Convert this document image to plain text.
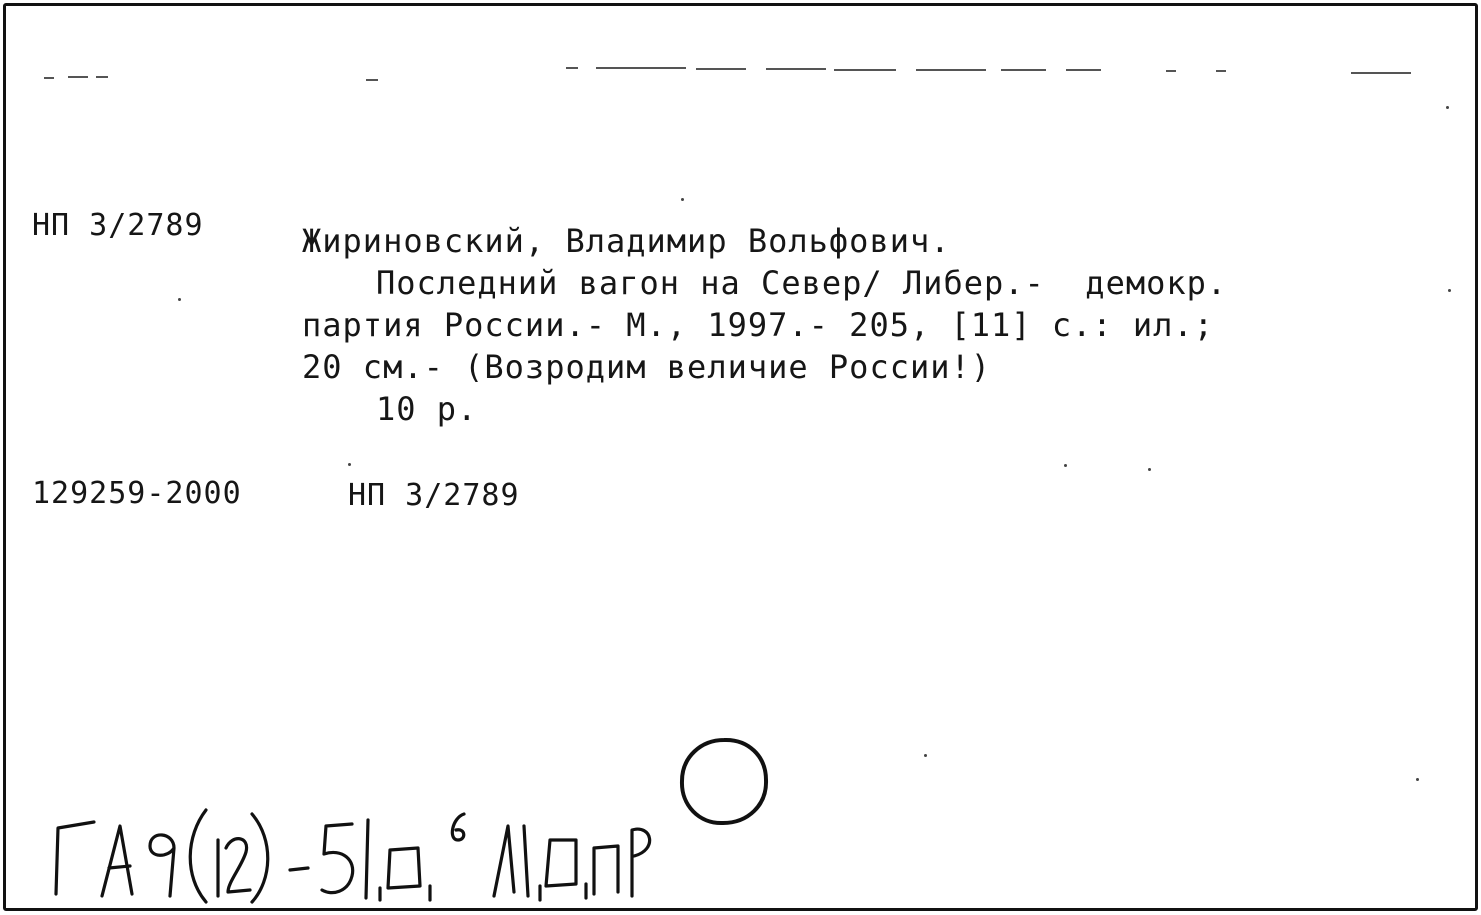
НП 3/2789	Жириновский, Владимир Вольфович.
Последний вагон на Север/ Либер.-  демокр.
партия России.- М., 1997.- 205, [11] с.: ил.;
20 см.- (Возродим величие России!)
10 р.
129259-2000	НП 3/2789
